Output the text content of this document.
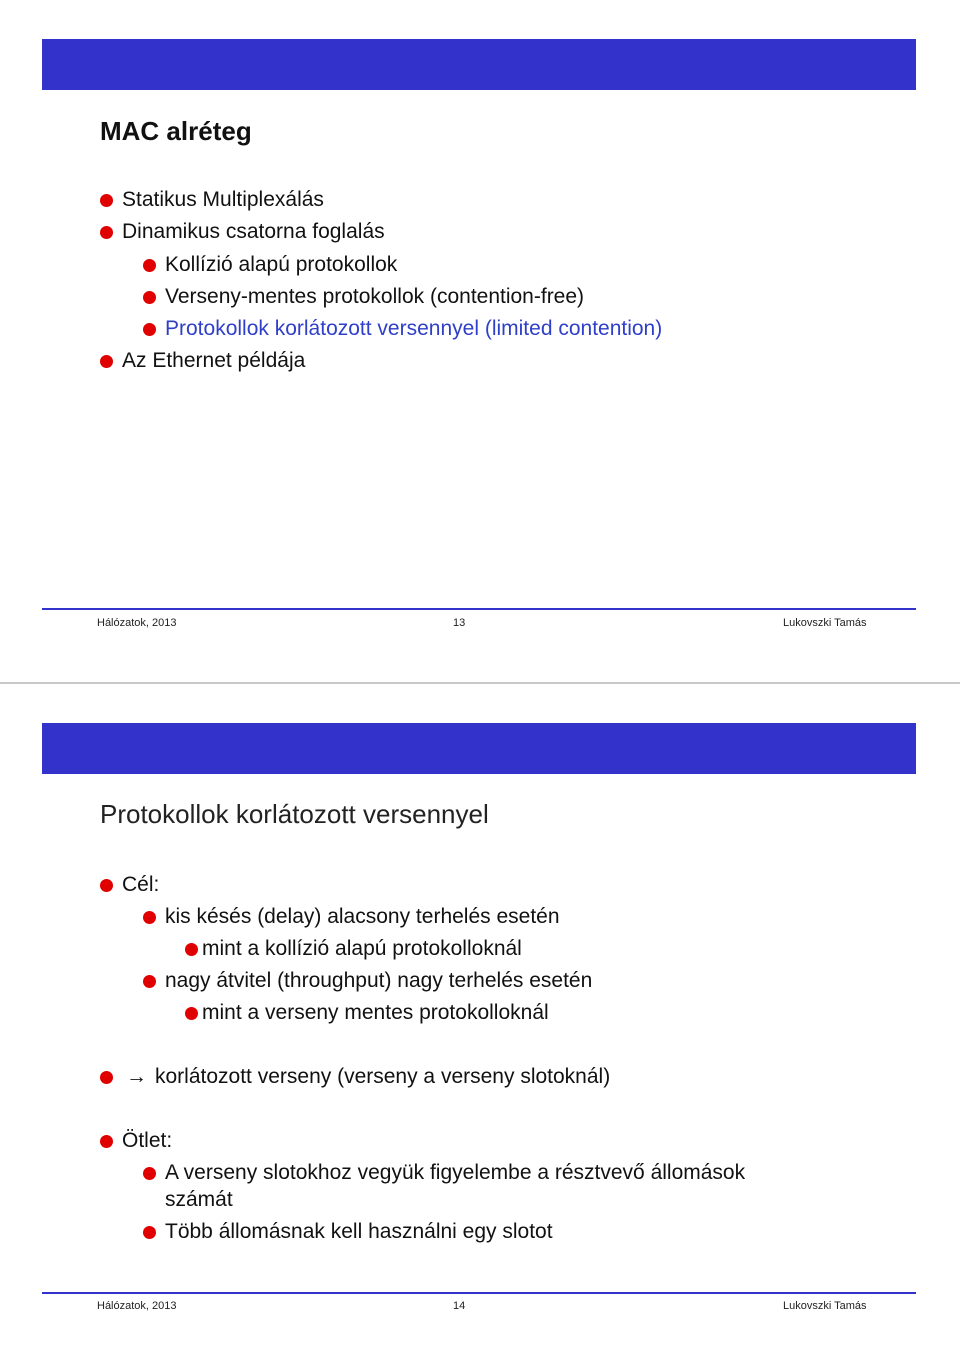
MAC alréteg
Statikus Multiplexálás
Dinamikus csatorna foglalás
Kollízió alapú protokollok
Verseny-mentes protokollok (contention-free)
Protokollok korlátozott versennyel (limited contention)
Az Ethernet példája
Hálózatok, 2013	13	Lukovszki Tamás
Protokollok korlátozott versennyel
Cél:
kis késés (delay) alacsony terhelés esetén
mint a kollízió alapú protokolloknál
nagy átvitel (throughput) nagy terhelés esetén
mint a verseny mentes protokolloknál
→ korlátozott verseny (verseny a verseny slotoknál)
Ötlet:
A verseny slotokhoz vegyük figyelembe a résztvevő állomások
számát
Több állomásnak kell használni egy slotot
Hálózatok, 2013	14	Lukovszki Tamás
